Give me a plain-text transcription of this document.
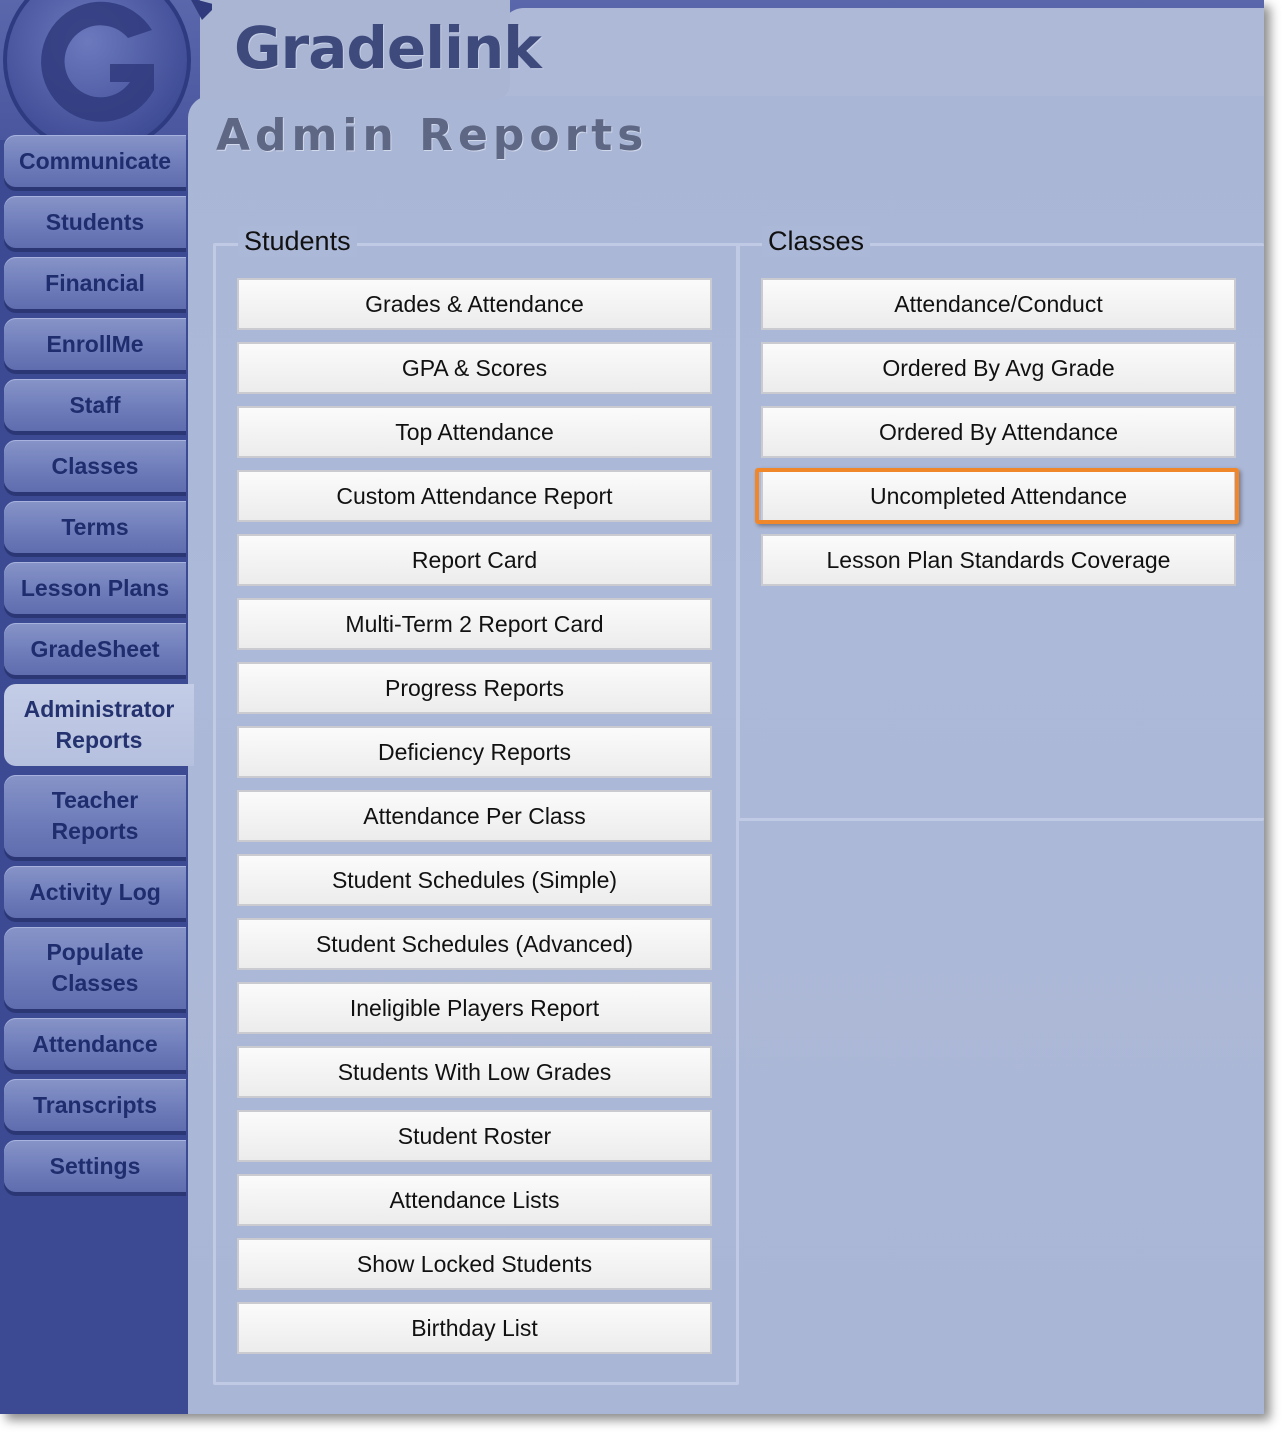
Gradelink
Admin Reports
Communicate
Students
Financial
EnrollMe
Staff
Classes
Terms
Lesson Plans
GradeSheet
Administrator Reports
Teacher Reports
Activity Log
Populate Classes
Attendance
Transcripts
Settings
Students	Classes
Grades & Attendance
GPA & Scores
Top Attendance
Custom Attendance Report
Report Card
Multi-Term 2 Report Card
Progress Reports
Deficiency Reports
Attendance Per Class
Student Schedules (Simple)
Student Schedules (Advanced)
Ineligible Players Report
Students With Low Grades
Student Roster
Attendance Lists
Show Locked Students
Birthday List
Attendance/Conduct
Ordered By Avg Grade
Ordered By Attendance
Uncompleted Attendance
Lesson Plan Standards Coverage
